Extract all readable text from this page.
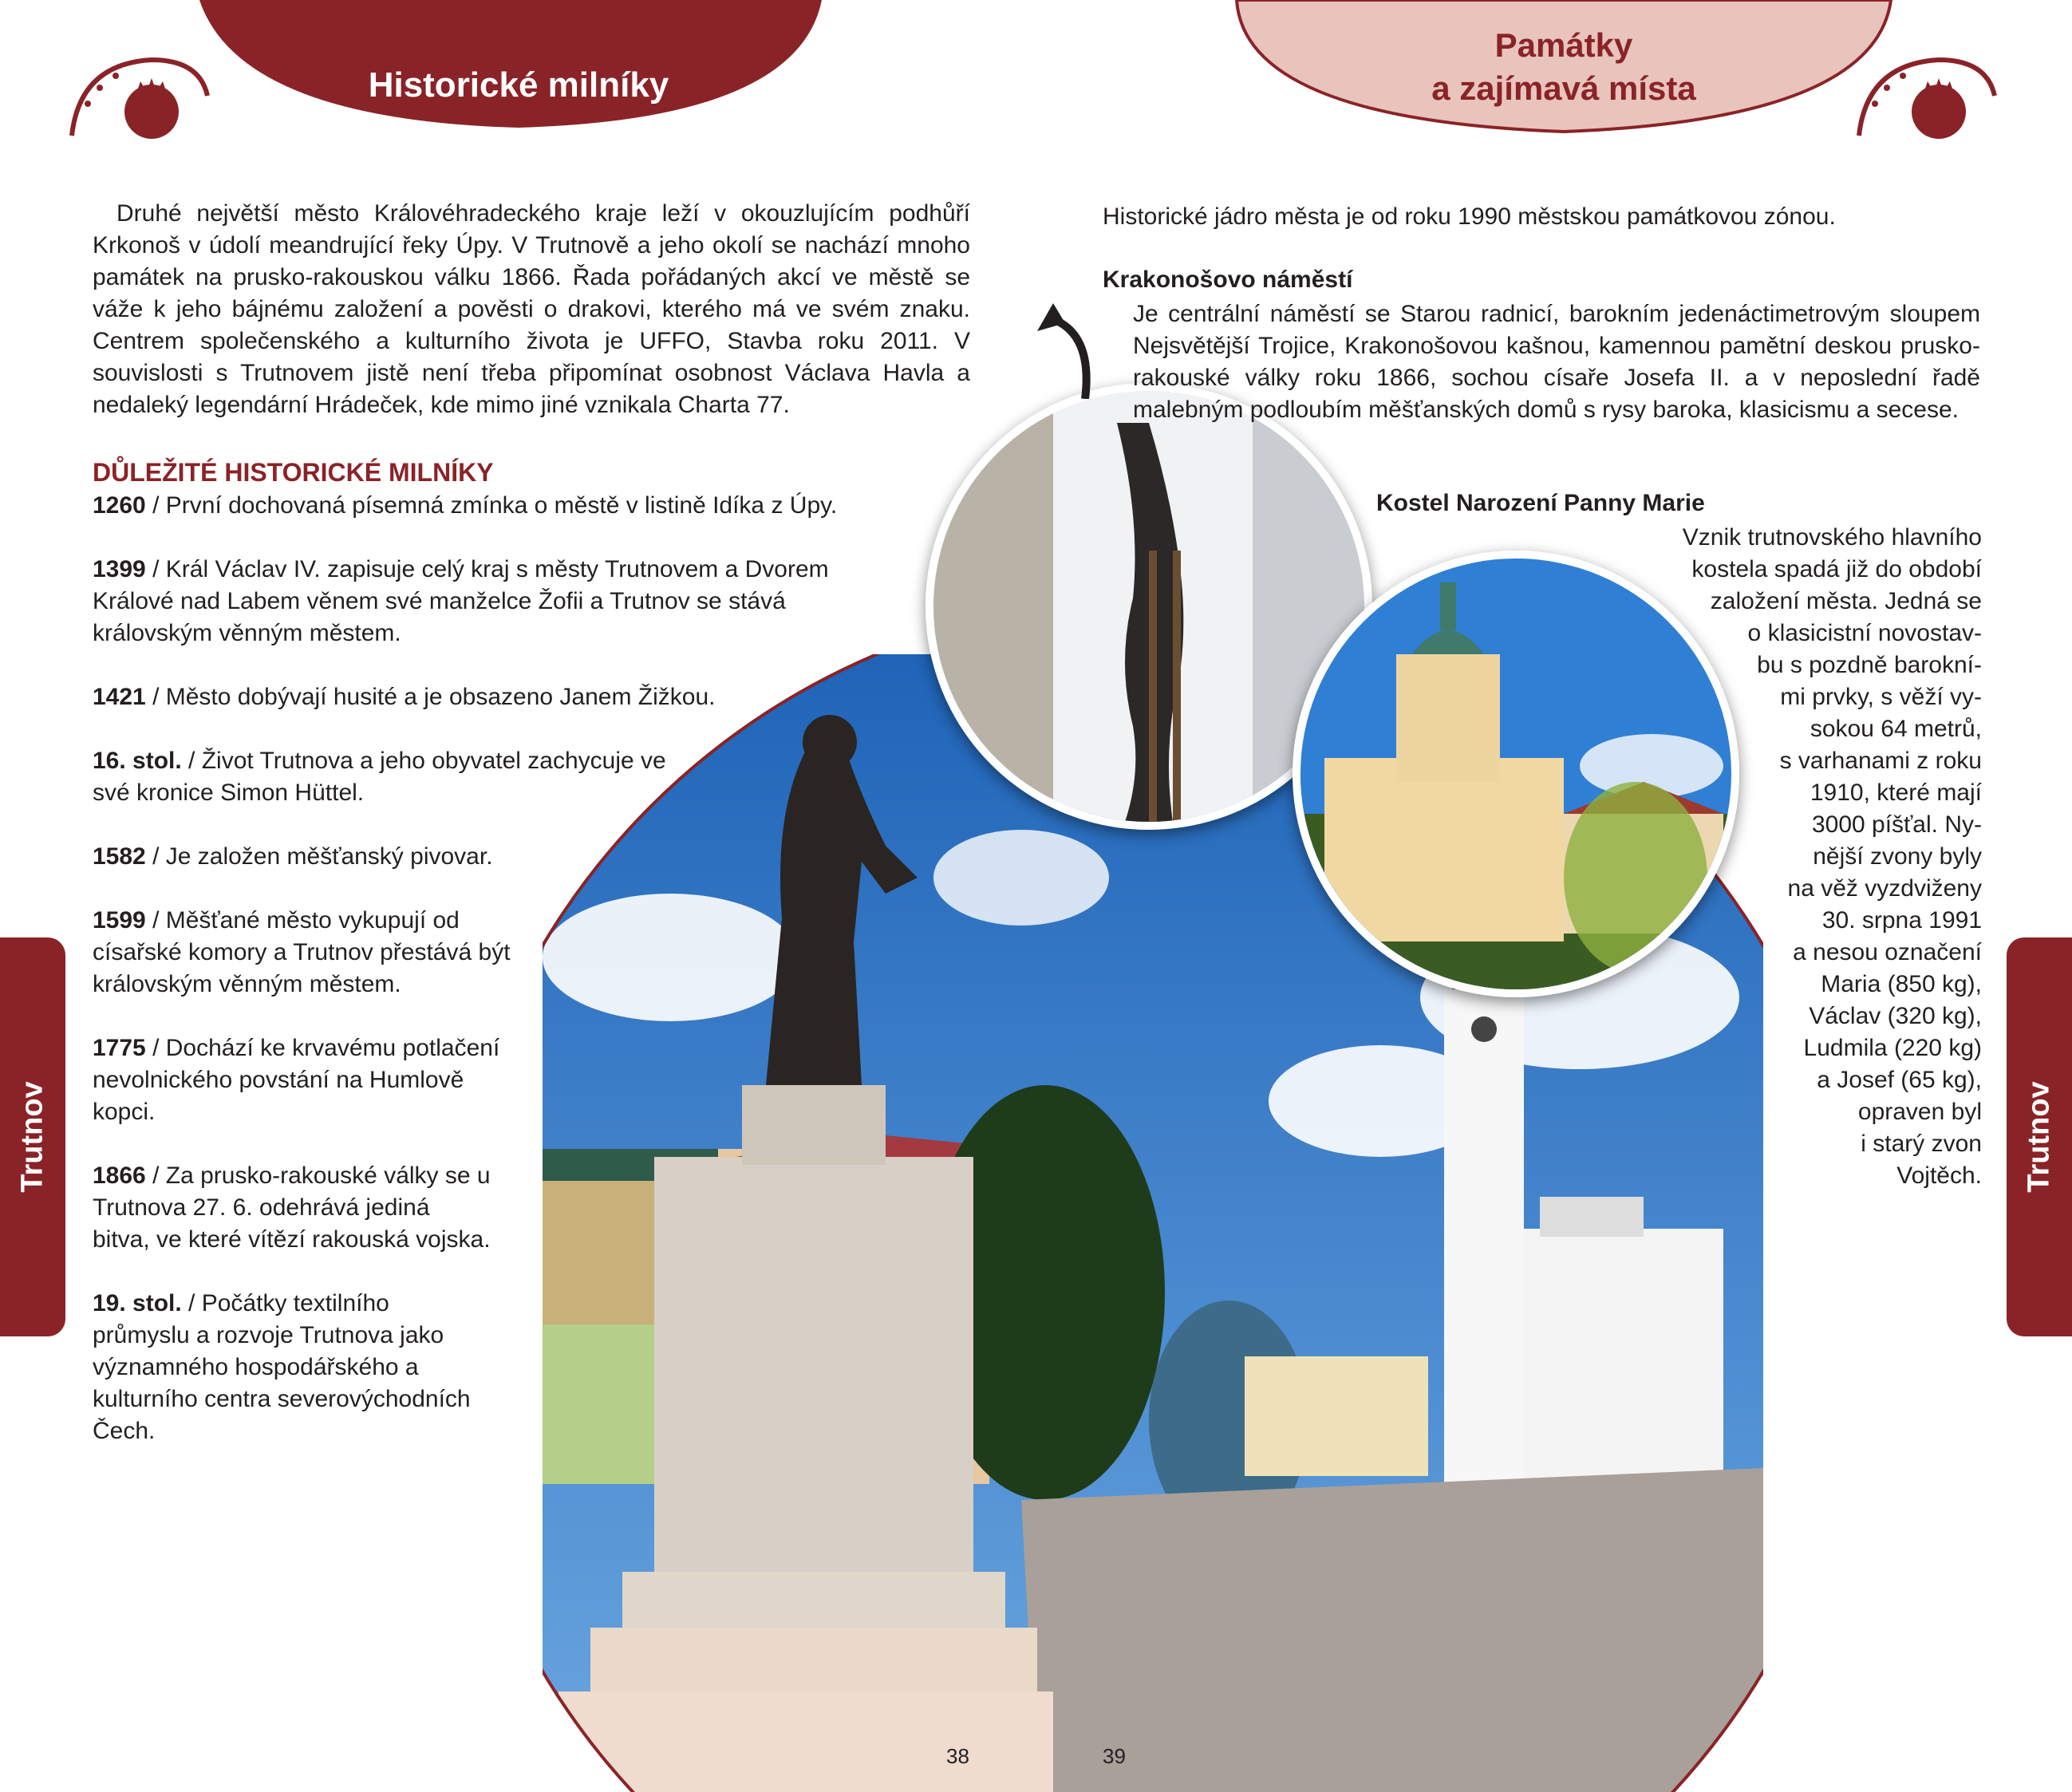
Historické milníky
Památky
a zajímavá místa
Druhé největší město Královéhradeckého kraje leží v okouzlujícím podhůří Krkonoš v údolí meandrující řeky Úpy. V Trutnově a jeho okolí se nachází mnoho památek na prusko-rakouskou válku 1866. Řada pořádaných akcí ve městě se váže k jeho bájnému založení a pověsti o drakovi, kterého má ve svém znaku. Centrem společenského a kulturního života je UFFO, Stavba roku 2011. V souvislosti s Trutnovem jistě není třeba připomínat osobnost Václava Havla a nedaleký legendární Hrádeček, kde mimo jiné vznikala Charta 77.
DŮLEŽITÉ HISTORICKÉ MILNÍKY
1260 / První dochovaná písemná zmínka o městě v listině Idíka z Úpy.
1399 / Král Václav IV. zapisuje celý kraj s městy Trutnovem a Dvorem Králové nad Labem věnem své manželce Žofii a Trutnov se stává královským věnným městem.
1421 / Město dobývají husité a je obsazeno Janem Žižkou.
16. stol. / Život Trutnova a jeho obyvatel zachycuje ve své kronice Simon Hüttel.
1582 / Je založen měšťanský pivovar.
1599 / Měšťané město vykupují od císařské komory a Trutnov přestává být královským věnným městem.
1775 / Dochází ke krvavému potlačení nevolnického povstání na Humlově kopci.
1866 / Za prusko-rakouské války se u Trutnova 27. 6. odehrává jediná bitva, ve které vítězí rakouská vojska.
19. stol. / Počátky textilního průmyslu a rozvoje Trutnova jako významného hospodářského a kulturního centra severovýchodních Čech.
Historické jádro města je od roku 1990 městskou památkovou zónou.
Krakonošovo náměstí
Je centrální náměstí se Starou radnicí, barokním jedenáctimetrovým sloupem Nejsvětější Trojice, Krakonošovou kašnou, kamennou pamětní deskou prusko-rakouské války roku 1866, sochou císaře Josefa II. a v neposlední řadě malebným podloubím měšťanských domů s rysy baroka, klasicismu a secese.
Kostel Narození Panny Marie
Vznik trutnovského hlavního
kostela spadá již do období
založení města. Jedná se
o klasicistní novostav-
bu s pozdně barokní-
mi prvky, s věží vy-
sokou 64 metrů,
s varhanami z roku
1910, které mají
3000 píšťal. Ny-
nější zvony byly
na věž vyzdviženy
30. srpna 1991
a nesou označení
Maria (850 kg),
Václav (320 kg),
Ludmila (220 kg)
a Josef (65 kg),
opraven byl
i starý zvon
Vojtěch.
Trutnov	Trutnov
38	39
